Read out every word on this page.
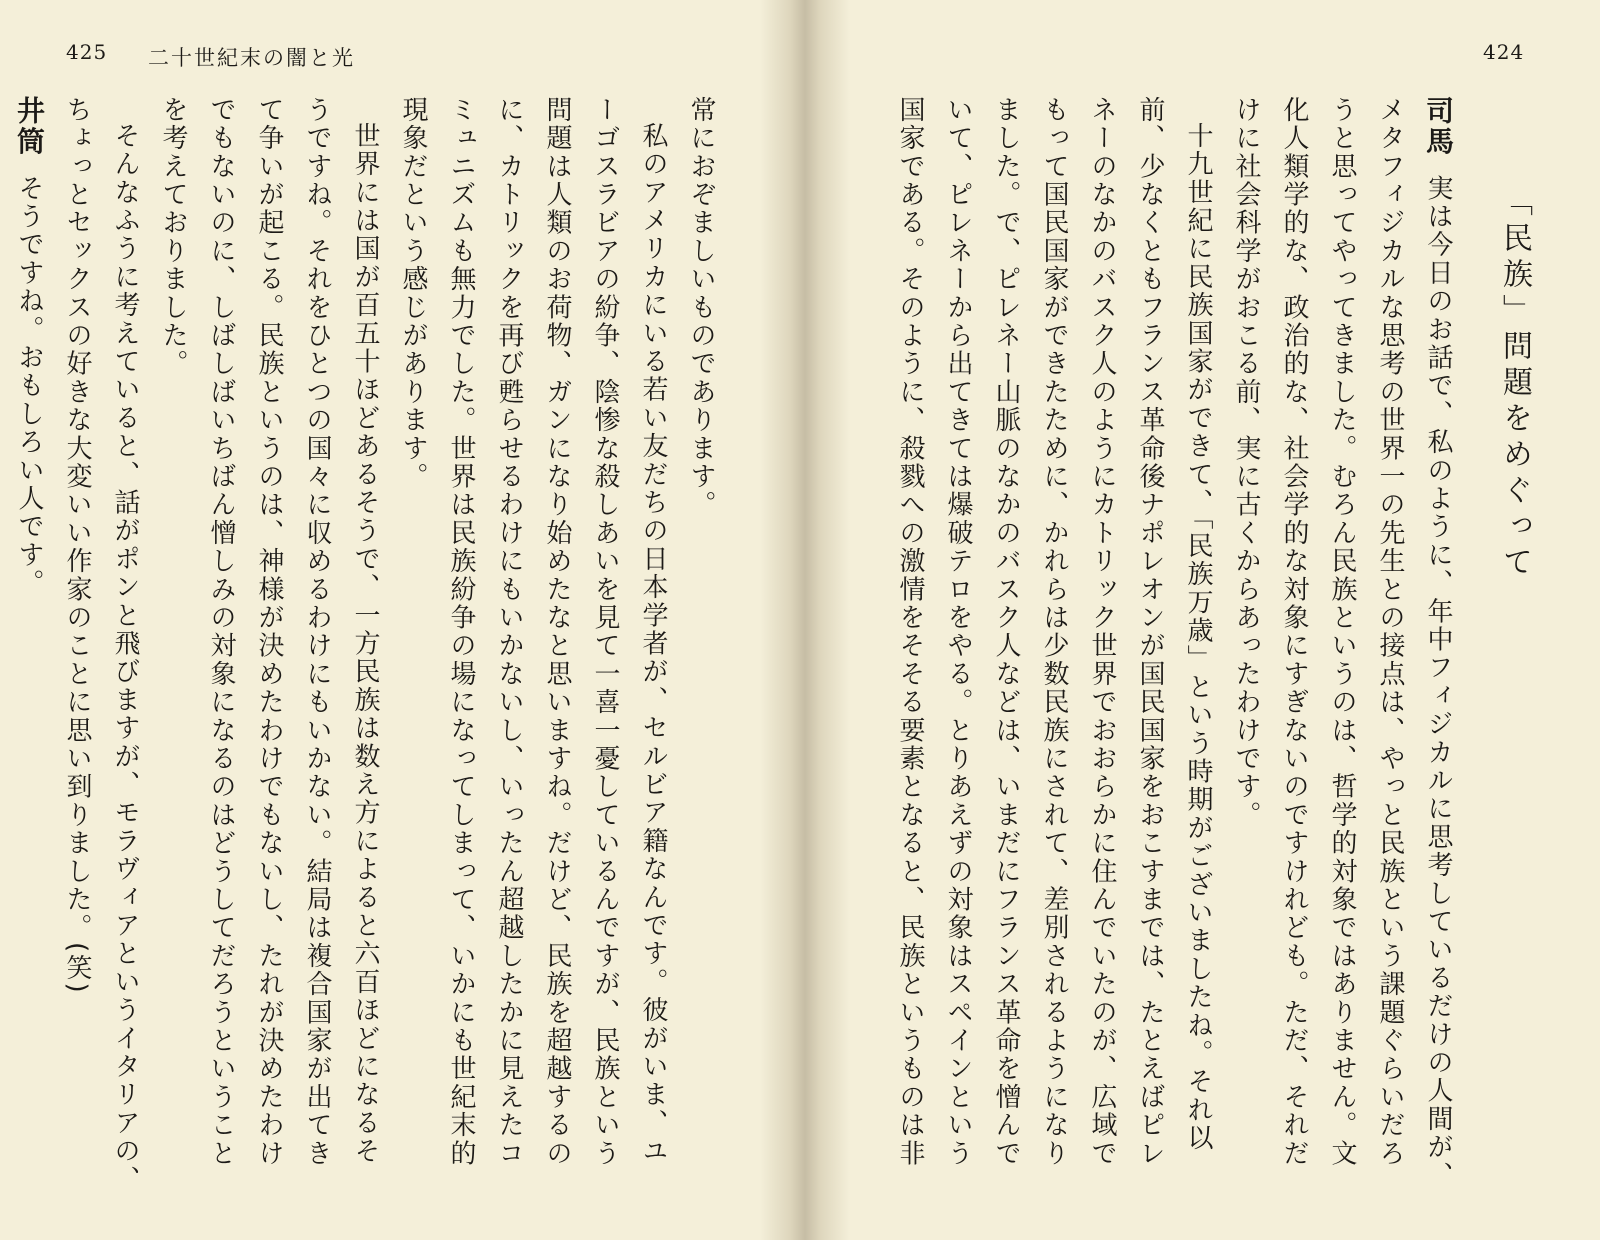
425 二十世紀末の闇と光

常におぞましいものであります。

私のアメリカにいる若い友だちの日本学者が、セルビア籍なんです。彼がいま、ユ

ーゴスラビアの紛争、陰惨な殺しあいを見て一喜一憂しているんですが、民族という

問題は人類のお荷物、ガンになり始めたなと思いますね。だけど、民族を超越するの

に、カトリックを再び甦らせるわけにもいかないし、いったん超越したかに見えたコ

ミュニズムも無力でした。世界は民族紛争の場になってしまって、いかにも世紀末的

現象だという感じがあります。

世界には国が百五十ほどあるそうで、一方民族は数え方によると六百ほどになるそ

うですね。それをひとつの国々に収めるわけにもいかない。結局は複合国家が出てき

て争いが起こる。民族というのは、神様が決めたわけでもないし、たれが決めたわけ

でもないのに、しばしばいちばん憎しみの対象になるのはどうしてだろうということ

を考えておりました。

そんなふうに考えていると、話がポンと飛びますが、モラヴィアというイタリアの、

ちょっとセックスの好きな大変いい作家のことに思い到りました。(笑)

井筒そうですね。おもしろい人です。

424

「民族」問題をめぐって

司馬実は今日のお話で、私のように、年中フィジカルに思考しているだけの人間が、

メタフィジカルな思考の世界一の先生との接点は、やっと民族という課題ぐらいだろ

うと思ってやってきました。むろん民族というのは、哲学的対象ではありません。文

化人類学的な、政治的な、社会学的な対象にすぎないのですけれども。ただ、それだ

けに社会科学がおこる前、実に古くからあったわけです。

十九世紀に民族国家ができて、「民族万歳」という時期がございましたね。それ以

前、少なくともフランス革命後ナポレオンが国民国家をおこすまでは、たとえばピレ

ネーのなかのバスク人のようにカトリック世界でおおらかに住んでいたのが、広域で

もって国民国家ができたために、かれらは少数民族にされて、差別されるようになり

ました。で、ピレネー山脈のなかのバスク人などは、いまだにフランス革命を憎んで

いて、ピレネーから出てきては爆破テロをやる。とりあえずの対象はスペインという

国家である。そのように、殺戮への激情をそそる要素となると、民族というものは非
